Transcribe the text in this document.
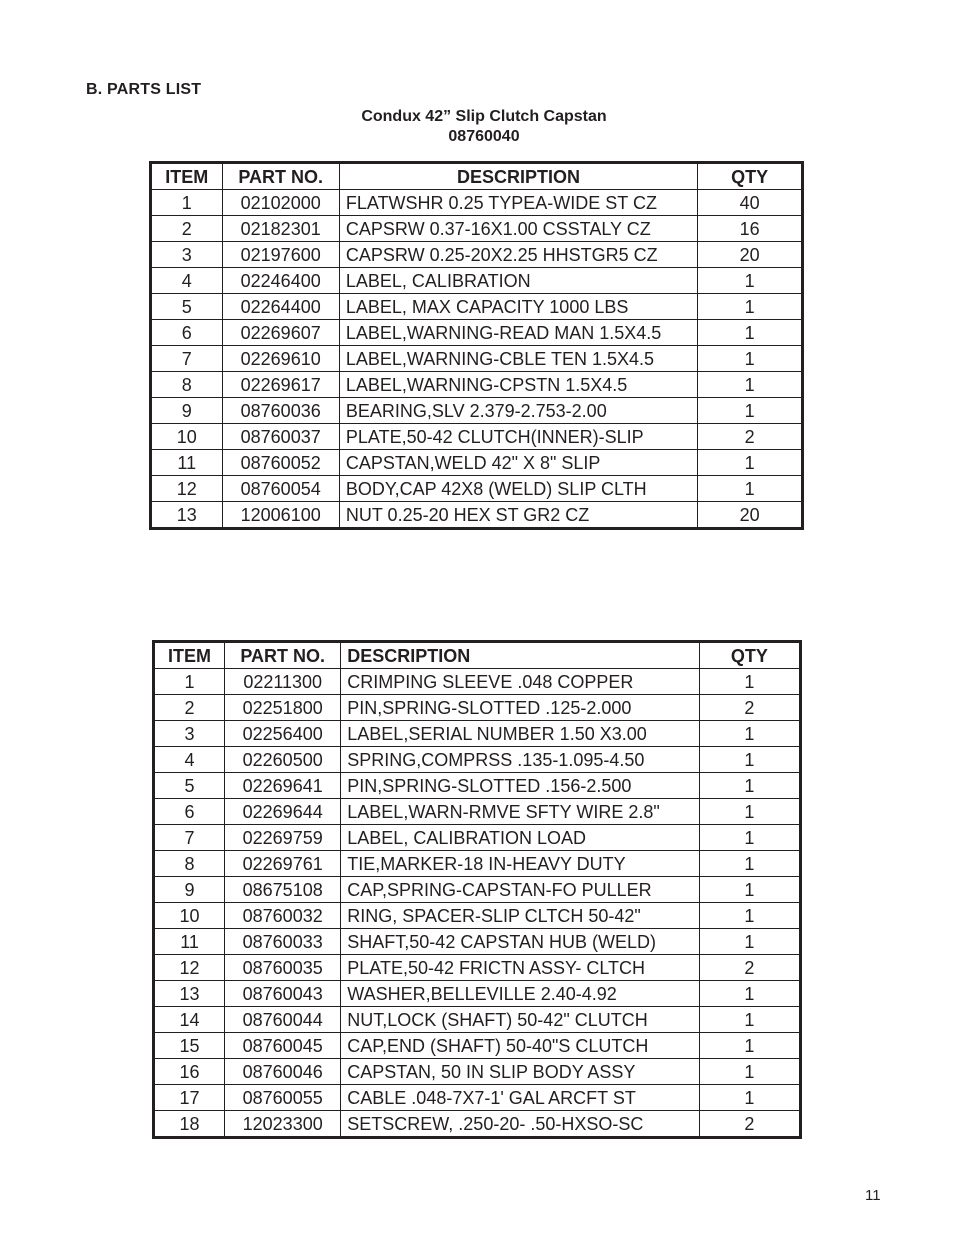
B. PARTS LIST
Condux 42” Slip Clutch Capstan
08760040
ITEM	PART NO.	DESCRIPTION	QTY
1	02102000	FLATWSHR 0.25 TYPEA-WIDE ST CZ	40
2	02182301	CAPSRW 0.37-16X1.00 CSSTALY CZ	16
3	02197600	CAPSRW 0.25-20X2.25 HHSTGR5 CZ	20
4	02246400	LABEL, CALIBRATION	1
5	02264400	LABEL, MAX CAPACITY 1000 LBS	1
6	02269607	LABEL,WARNING-READ MAN 1.5X4.5	1
7	02269610	LABEL,WARNING-CBLE TEN 1.5X4.5	1
8	02269617	LABEL,WARNING-CPSTN 1.5X4.5	1
9	08760036	BEARING,SLV 2.379-2.753-2.00	1
10	08760037	PLATE,50-42 CLUTCH(INNER)-SLIP	2
11	08760052	CAPSTAN,WELD 42" X 8" SLIP	1
12	08760054	BODY,CAP 42X8 (WELD) SLIP CLTH	1
13	12006100	NUT 0.25-20 HEX ST GR2 CZ	20
ITEM	PART NO.	DESCRIPTION	QTY
1	02211300	CRIMPING SLEEVE .048 COPPER	1
2	02251800	PIN,SPRING-SLOTTED .125-2.000	2
3	02256400	LABEL,SERIAL NUMBER 1.50 X3.00	1
4	02260500	SPRING,COMPRSS .135-1.095-4.50	1
5	02269641	PIN,SPRING-SLOTTED .156-2.500	1
6	02269644	LABEL,WARN-RMVE SFTY WIRE 2.8"	1
7	02269759	LABEL, CALIBRATION LOAD	1
8	02269761	TIE,MARKER-18 IN-HEAVY DUTY	1
9	08675108	CAP,SPRING-CAPSTAN-FO PULLER	1
10	08760032	RING, SPACER-SLIP CLTCH 50-42"	1
11	08760033	SHAFT,50-42 CAPSTAN HUB (WELD)	1
12	08760035	PLATE,50-42 FRICTN ASSY- CLTCH	2
13	08760043	WASHER,BELLEVILLE 2.40-4.92	1
14	08760044	NUT,LOCK (SHAFT) 50-42" CLUTCH	1
15	08760045	CAP,END (SHAFT) 50-40"S CLUTCH	1
16	08760046	CAPSTAN, 50 IN SLIP BODY ASSY	1
17	08760055	CABLE .048-7X7-1' GAL ARCFT ST	1
18	12023300	SETSCREW, .250-20- .50-HXSO-SC	2
11
